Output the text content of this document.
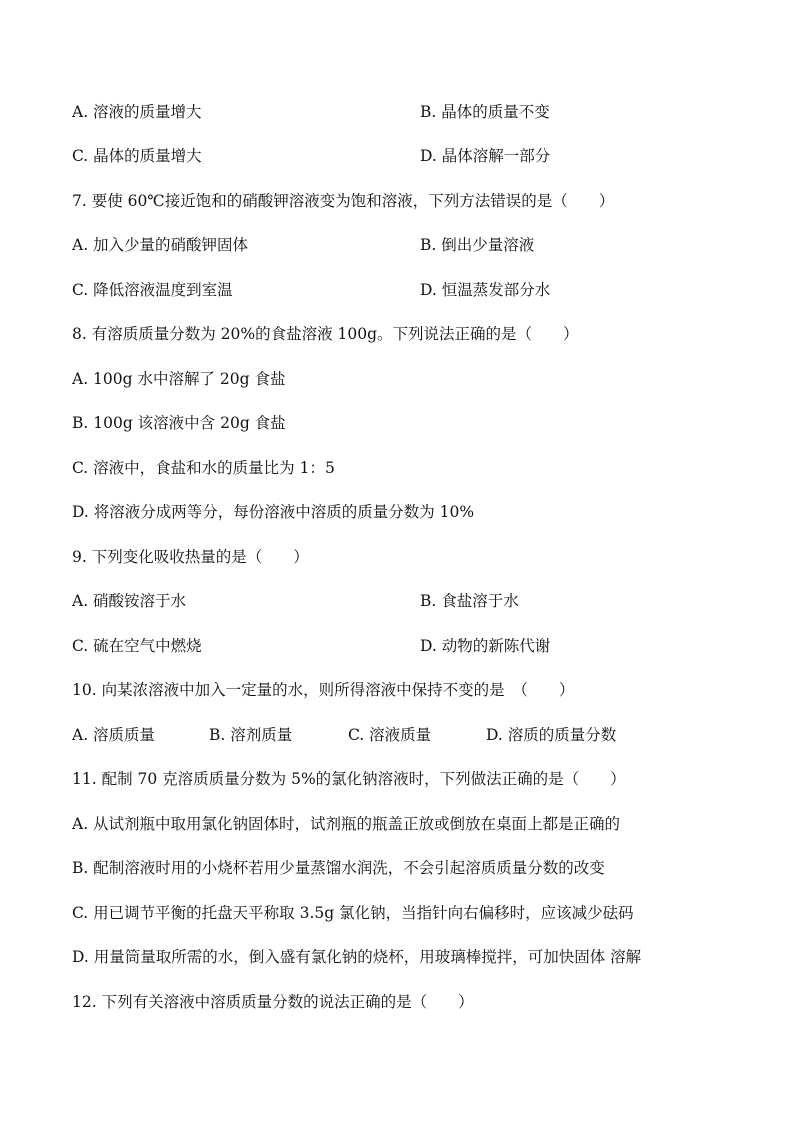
A. 溶液的质量增大	B. 晶体的质量不变
C. 晶体的质量增大	D. 晶体溶解一部分
7. 要使 60℃接近饱和的硝酸钾溶液变为饱和溶液，下列方法错误的是（　　）
A. 加入少量的硝酸钾固体	B. 倒出少量溶液
C. 降低溶液温度到室温	D. 恒温蒸发部分水
8. 有溶质质量分数为 20%的食盐溶液 100g。下列说法正确的是（　　）
A. 100g 水中溶解了 20g 食盐
B. 100g 该溶液中含 20g 食盐
C. 溶液中，食盐和水的质量比为 1：5
D. 将溶液分成两等分，每份溶液中溶质的质量分数为 10%
9. 下列变化吸收热量的是（　　）
A. 硝酸铵溶于水	B. 食盐溶于水
C. 硫在空气中燃烧	D. 动物的新陈代谢
10. 向某浓溶液中加入一定量的水，则所得溶液中保持不变的是　（　　）
A. 溶质质量	B. 溶剂质量	C. 溶液质量	D. 溶质的质量分数
11. 配制 70 克溶质质量分数为 5%的氯化钠溶液时，下列做法正确的是（　　）
A. 从试剂瓶中取用氯化钠固体时，试剂瓶的瓶盖正放或倒放在桌面上都是正确的
B. 配制溶液时用的小烧杯若用少量蒸馏水润洗，不会引起溶质质量分数的改变
C. 用已调节平衡的托盘天平称取 3.5g 氯化钠，当指针向右偏移时，应该减少砝码
D. 用量筒量取所需的水，倒入盛有氯化钠的烧杯，用玻璃棒搅拌，可加快固体 溶解
12. 下列有关溶液中溶质质量分数的说法正确的是（　　）
